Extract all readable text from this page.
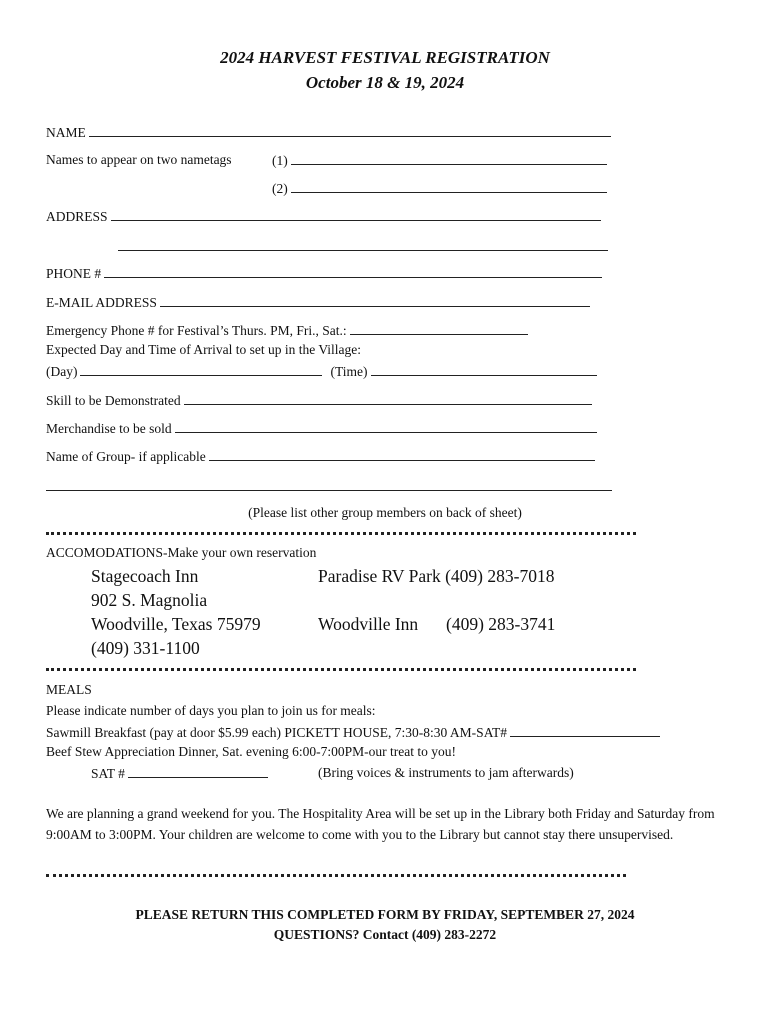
2024 HARVEST FESTIVAL REGISTRATION
October 18 & 19, 2024
NAME
Names to appear on two nametags	(1)
(2)
ADDRESS
PHONE #
E-MAIL ADDRESS
Emergency Phone # for Festival’s Thurs. PM, Fri., Sat.:
Expected Day and Time of Arrival to set up in the Village:
(Day)	(Time)
Skill to be Demonstrated
Merchandise to be sold
Name of Group- if applicable
(Please list other group members on back of sheet)
ACCOMODATIONS-Make your own reservation
Stagecoach Inn	Paradise RV Park (409) 283-7018
902 S. Magnolia
Woodville, Texas 75979	Woodville Inn (409) 283-3741
(409) 331-1100
MEALS
Please indicate number of days you plan to join us for meals:
Sawmill Breakfast (pay at door $5.99 each) PICKETT HOUSE, 7:30-8:30 AM-SAT#
Beef Stew Appreciation Dinner, Sat. evening 6:00-7:00PM-our treat to you!
SAT #	(Bring voices & instruments to jam afterwards)
We are planning a grand weekend for you. The Hospitality Area will be set up in the Library both Friday and Saturday from 9:00AM to 3:00PM. Your children are welcome to come with you to the Library but cannot stay there unsupervised.
PLEASE RETURN THIS COMPLETED FORM BY FRIDAY, SEPTEMBER 27, 2024
QUESTIONS? Contact (409) 283-2272
